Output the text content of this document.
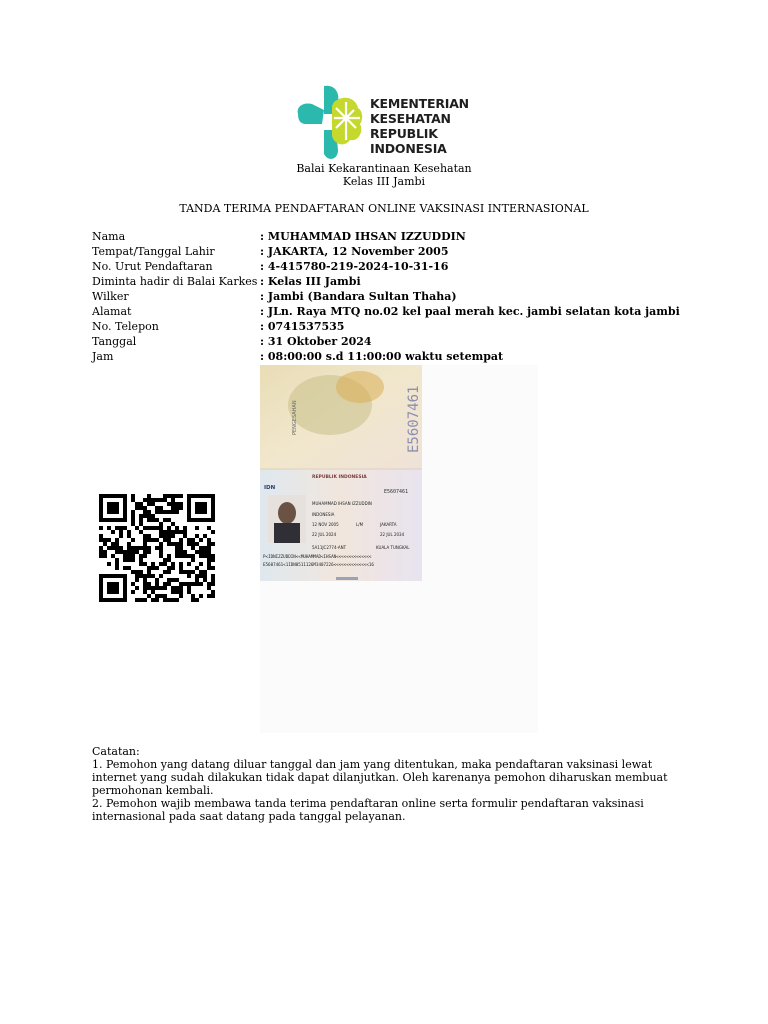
KEMENTERIAN
KESEHATAN
REPUBLIK
INDONESIA
Balai Kekarantinaan Kesehatan
Kelas III Jambi
TANDA TERIMA PENDAFTARAN ONLINE VAKSINASI INTERNASIONAL
Nama	: MUHAMMAD IHSAN IZZUDDIN
Tempat/Tanggal Lahir	: JAKARTA, 12 November 2005
No. Urut Pendaftaran	: 4-415780-219-2024-10-31-16
Diminta hadir di Balai Karkes : Kelas III Jambi
Wilker	: Jambi (Bandara Sultan Thaha)
Alamat	: JLn. Raya MTQ no.02 kel paal merah kec. jambi selatan kota jambi
No. Telepon	: 0741537535
Tanggal	: 31 Oktober 2024
Jam	: 08:00:00 s.d 11:00:00 waktu setempat
PENGESAHAN	E5607461
REPUBLIK INDONESIA
IDN
E5607461
MUHAMMAD IHSAN IZZUDDIN
INDONESIA
12 NOV 2005	L/M	JAKARTA
22 JUL 2024	22 JUL 2034
5A11JC2774-ANT	KUALA TUNGKAL
P<IDNIZZUDDIN<<MUHAMMAD<IHSAN<<<<<<<<<<<<<<
E5607461<1IDN0511126M3407226<<<<<<<<<<<<<<16

Catatan:

1. Pemohon yang datang diluar tanggal dan jam yang ditentukan, maka pendaftaran vaksinasi lewat internet yang sudah dilakukan tidak dapat dilanjutkan. Oleh karenanya pemohon diharuskan membuat permohonan kembali.

2. Pemohon wajib membawa tanda terima pendaftaran online serta formulir pendaftaran vaksinasi internasional pada saat datang pada tanggal pelayanan.
